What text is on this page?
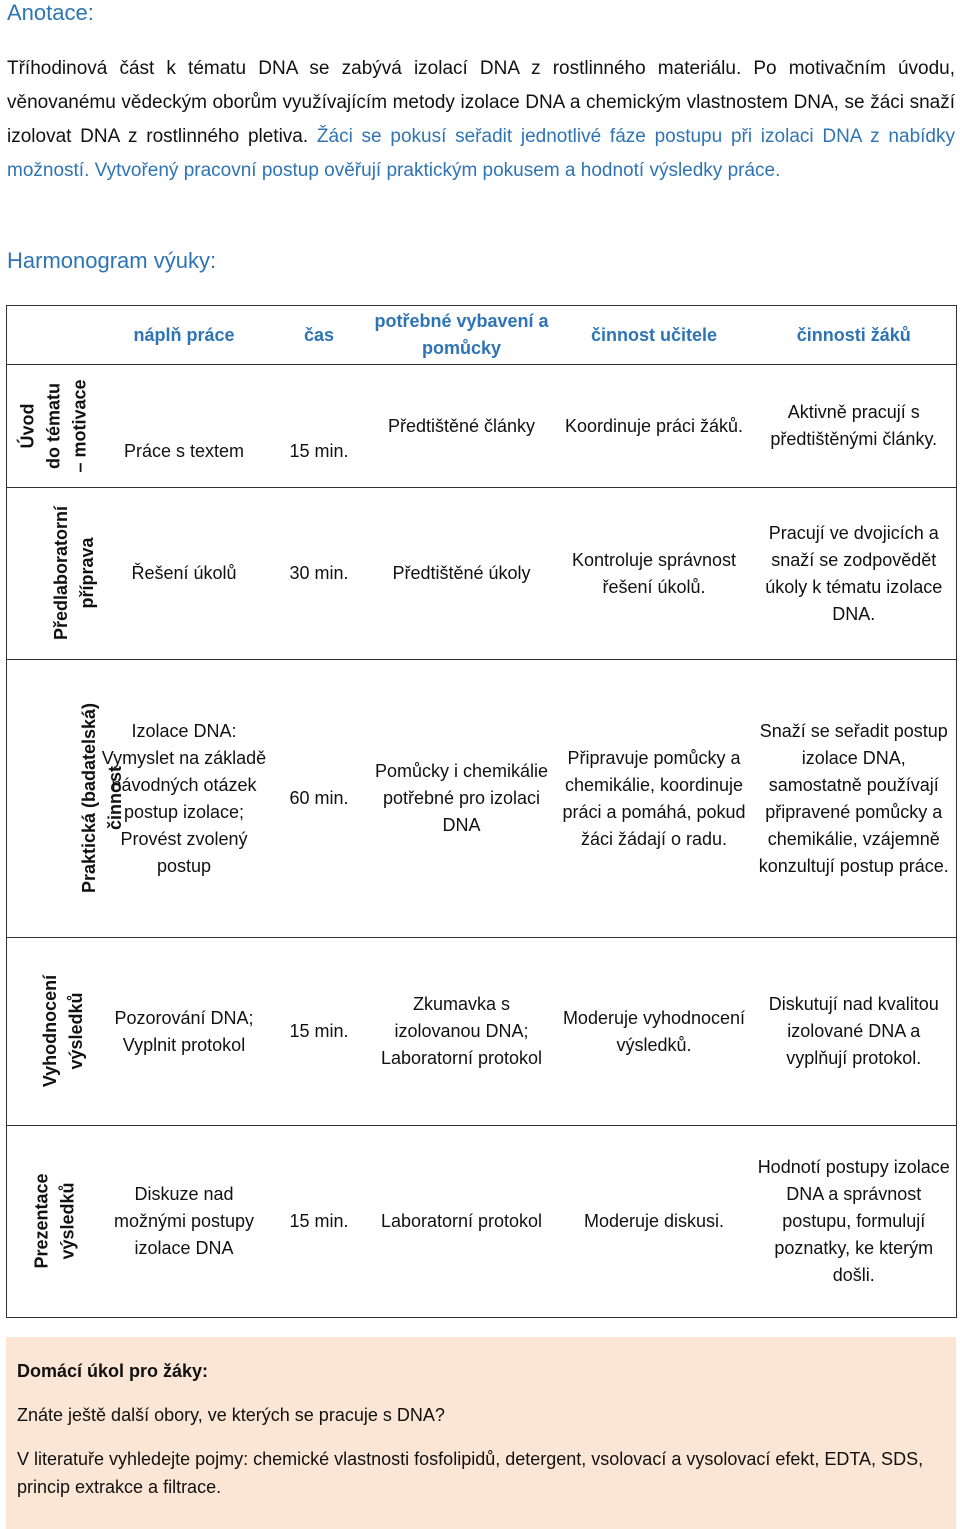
Anotace:

Tříhodinová část k tématu DNA se zabývá izolací DNA z rostlinného materiálu. Po motivačním úvodu, věnovanému vědeckým oborům využívajícím metody izolace DNA a chemickým vlastnostem DNA, se žáci snaží izolovat DNA z rostlinného pletiva. Žáci se pokusí seřadit jednotlivé fáze postupu při izolaci DNA z nabídky možností. Vytvořený pracovní postup ověřují praktickým pokusem a hodnotí výsledky práce.

Harmonogram výuky:
	náplň práce	čas	potřebné vybavení a pomůcky	činnost učitele	činnosti žáků
Úvod do tématu – motivace	Práce s textem	15 min.	Předtištěné články	Koordinuje práci žáků.	Aktivně pracují s předtištěnými články.
Předlaboratorní příprava	Řešení úkolů	30 min.	Předtištěné úkoly	Kontroluje správnost řešení úkolů.	Pracují ve dvojicích a snaží se zodpovědět úkoly k tématu izolace DNA.
Praktická (badatelská) činnost	Izolace DNA: Vymyslet na základě návodných otázek postup izolace; Provést zvolený postup	60 min.	Pomůcky i chemikálie potřebné pro izolaci DNA	Připravuje pomůcky a chemikálie, koordinuje práci a pomáhá, pokud žáci žádají o radu.	Snaží se seřadit postup izolace DNA, samostatně používají připravené pomůcky a chemikálie, vzájemně konzultují postup práce.
Vyhodnocení výsledků	Pozorování DNA; Vyplnit protokol	15 min.	Zkumavka s izolovanou DNA; Laboratorní protokol	Moderuje vyhodnocení výsledků.	Diskutují nad kvalitou izolované DNA a vyplňují protokol.
Prezentace výsledků	Diskuze nad možnými postupy izolace DNA	15 min.	Laboratorní protokol	Moderuje diskusi.	Hodnotí postupy izolace DNA a správnost postupu, formulují poznatky, ke kterým došli.

Domácí úkol pro žáky:

Znáte ještě další obory, ve kterých se pracuje s DNA?

V literatuře vyhledejte pojmy: chemické vlastnosti fosfolipidů, detergent, vsolovací a vysolovací efekt, EDTA, SDS, princip extrakce a filtrace.
